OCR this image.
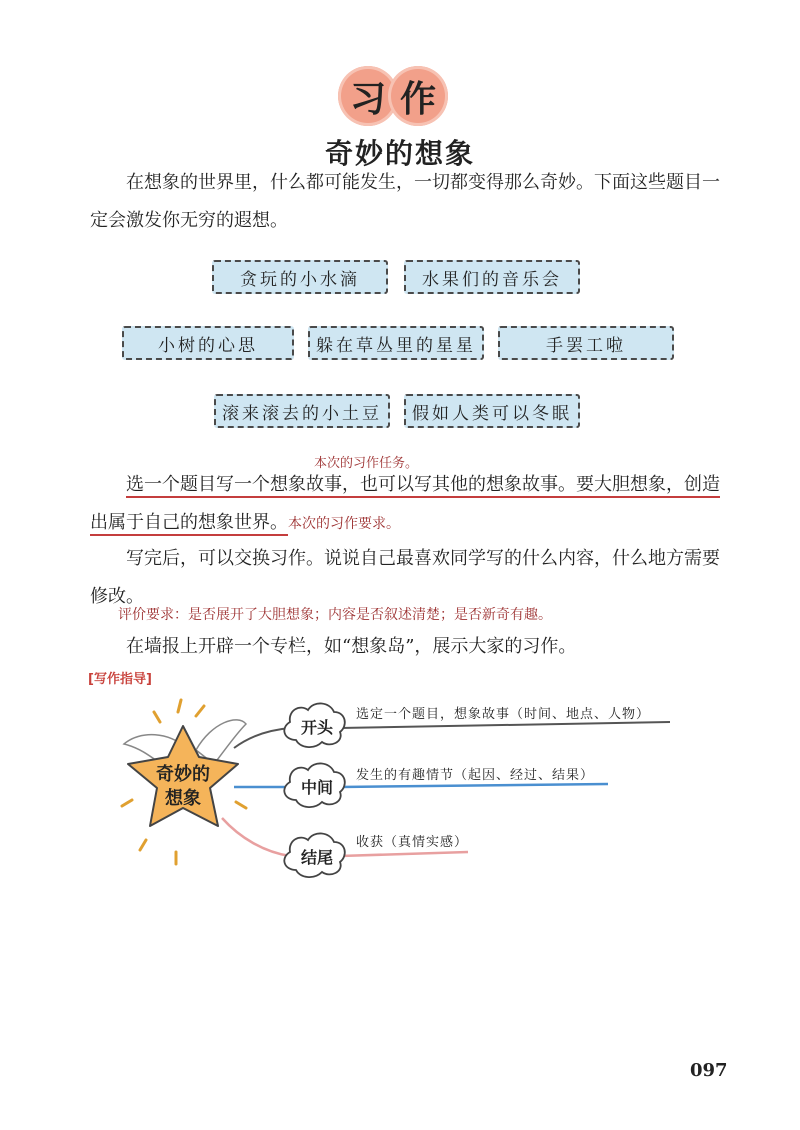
习 作
奇妙的想象
在想象的世界里，什么都可能发生，一切都变得那么奇妙。下面这些题目一定会激发你无穷的遐想。
贪玩的小水滴	水果们的音乐会
小树的心思	躲在草丛里的星星	手罢工啦
滚来滚去的小土豆	假如人类可以冬眠
本次的习作任务。
选一个题目写一个想象故事，也可以写其他的想象故事。要大胆想象，创造出属于自己的想象世界。本次的习作要求。
写完后，可以交换习作。说说自己最喜欢同学写的什么内容，什么地方需要修改。
评价要求：是否展开了大胆想象；内容是否叙述清楚；是否新奇有趣。
在墙报上开辟一个专栏，如“想象岛”，展示大家的习作。
[写作指导]
奇妙的
想象
开头
中间
结尾
选定一个题目，想象故事（时间、地点、人物）
发生的有趣情节（起因、经过、结果）
收获（真情实感）
097
